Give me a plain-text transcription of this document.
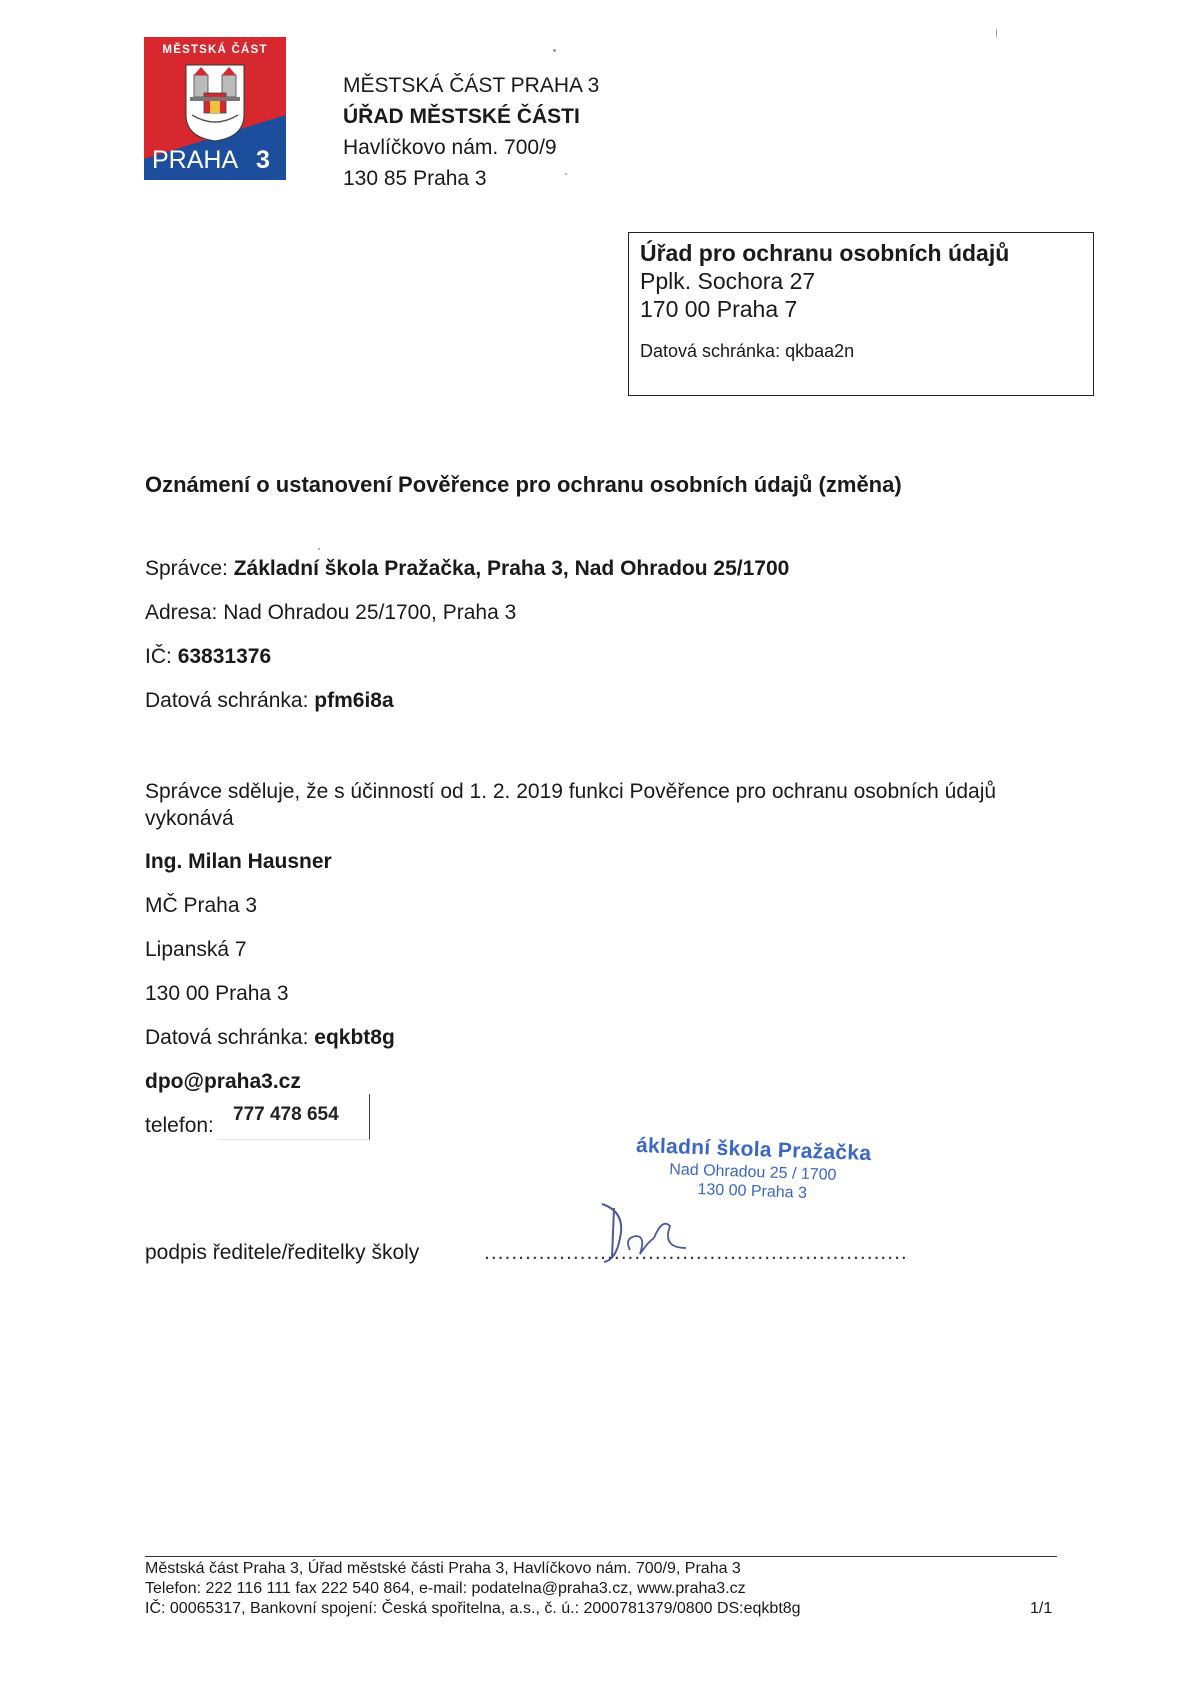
MĚSTSKÁ ČÁST
PRAHA 3
MĚSTSKÁ ČÁST PRAHA 3
ÚŘAD MĚSTSKÉ ČÁSTI
Havlíčkovo nám. 700/9
130 85 Praha 3
Úřad pro ochranu osobních údajů
Pplk. Sochora 27
170 00 Praha 7
Datová schránka: qkbaa2n
Oznámení o ustanovení Pověřence pro ochranu osobních údajů (změna)
Správce: Základní škola Pražačka, Praha 3, Nad Ohradou 25/1700
Adresa: Nad Ohradou 25/1700, Praha 3
IČ: 63831376
Datová schránka: pfm6i8a
Správce sděluje, že s účinností od 1. 2. 2019 funkci Pověřence pro ochranu osobních údajů vykonává
Ing. Milan Hausner
MČ Praha 3
Lipanská 7
130 00 Praha 3
Datová schránka: eqkbt8g
dpo@praha3.cz
telefon:	777 478 654
ákladní škola Pražačka
Nad Ohradou 25 / 1700
130 00 Praha 3
podpis ředitele/ředitelky školy	..............................................................
Městská část Praha 3, Úřad městské části Praha 3, Havlíčkovo nám. 700/9, Praha 3
Telefon: 222 116 111 fax 222 540 864, e-mail: podatelna@praha3.cz, www.praha3.cz
IČ: 00065317, Bankovní spojení: Česká spořitelna, a.s., č. ú.: 2000781379/0800 DS:eqkbt8g	1/1
